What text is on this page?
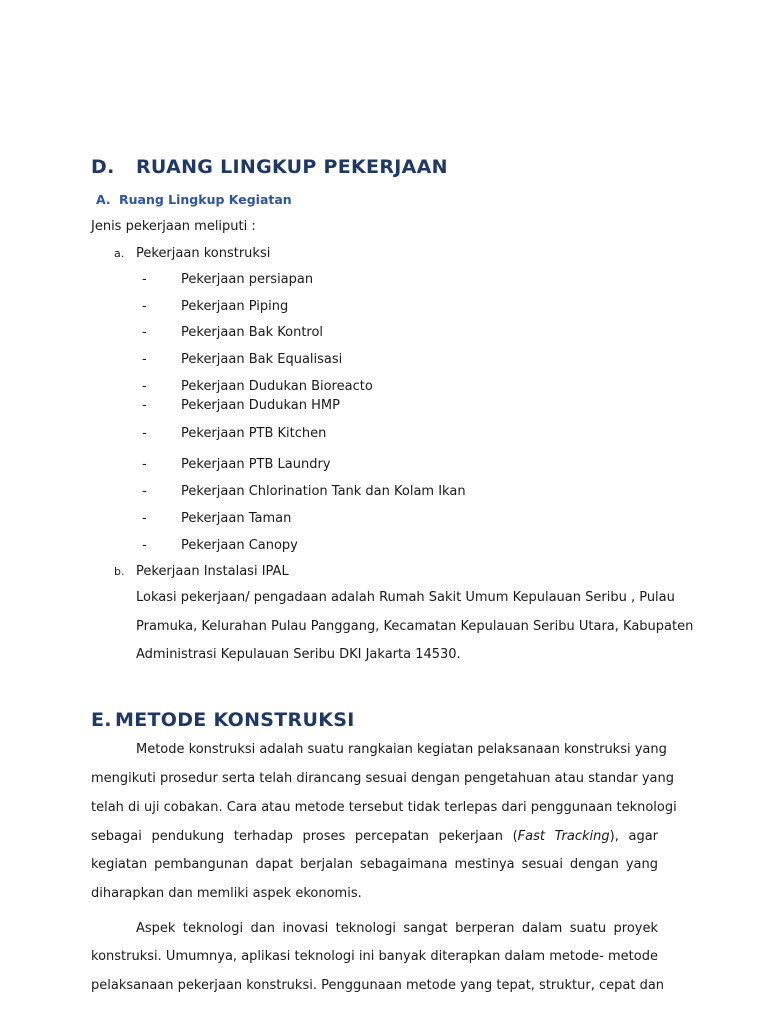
D. RUANG LINGKUP PEKERJAAN
A. Ruang Lingkup Kegiatan
Jenis pekerjaan meliputi :
a. Pekerjaan konstruksi
-	Pekerjaan persiapan
-	Pekerjaan Piping
-	Pekerjaan Bak Kontrol
-	Pekerjaan Bak Equalisasi
-	Pekerjaan Dudukan Bioreacto
-	Pekerjaan Dudukan HMP
-	Pekerjaan PTB Kitchen
-	Pekerjaan PTB Laundry
-	Pekerjaan Chlorination Tank dan Kolam Ikan
-	Pekerjaan Taman
-	Pekerjaan Canopy
b. Pekerjaan Instalasi IPAL
Lokasi pekerjaan/ pengadaan adalah Rumah Sakit Umum Kepulauan Seribu , Pulau
Pramuka, Kelurahan Pulau Panggang, Kecamatan Kepulauan Seribu Utara, Kabupaten
Administrasi Kepulauan Seribu DKI Jakarta 14530.
E. METODE KONSTRUKSI
Metode konstruksi adalah suatu rangkaian kegiatan pelaksanaan konstruksi yang
mengikuti prosedur serta telah dirancang sesuai dengan pengetahuan atau standar yang
telah di uji cobakan. Cara atau metode tersebut tidak terlepas dari penggunaan teknologi
sebagai pendukung terhadap proses percepatan pekerjaan (Fast Tracking), agar
kegiatan pembangunan dapat berjalan sebagaimana mestinya sesuai dengan yang
diharapkan dan memliki aspek ekonomis.
Aspek teknologi dan inovasi teknologi sangat berperan dalam suatu proyek
konstruksi. Umumnya, aplikasi teknologi ini banyak diterapkan dalam metode- metode
pelaksanaan pekerjaan konstruksi. Penggunaan metode yang tepat, struktur, cepat dan
